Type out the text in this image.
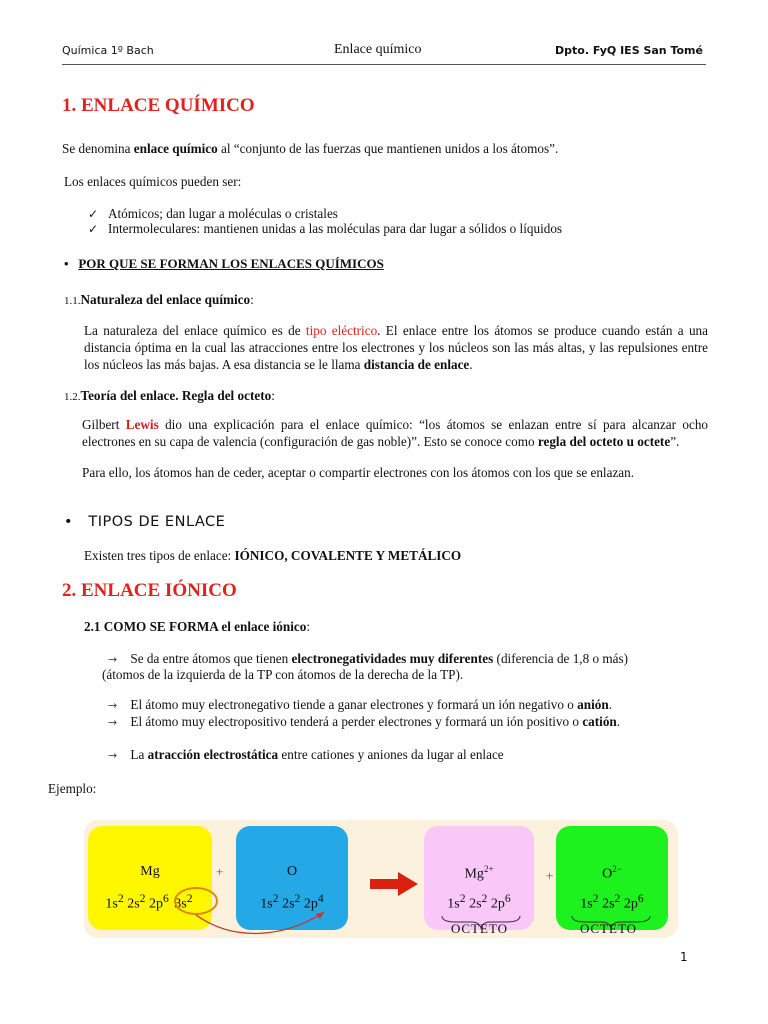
Química 1º Bach	Enlace químico	Dpto. FyQ IES San Tomé
1. ENLACE QUÍMICO
Se denomina enlace químico al “conjunto de las fuerzas que mantienen unidos a los átomos”.
Los enlaces químicos pueden ser:
✓ Atómicos; dan lugar a moléculas o cristales
✓ Intermoleculares: mantienen unidas a las moléculas para dar lugar a sólidos o líquidos
• POR QUE SE FORMAN LOS ENLACES QUÍMICOS
1.1.Naturaleza del enlace químico:
La naturaleza del enlace químico es de tipo eléctrico. El enlace entre los átomos se produce cuando están a una distancia óptima en la cual las atracciones entre los electrones y los núcleos son las más altas, y las repulsiones entre los núcleos las más bajas. A esa distancia se le llama distancia de enlace.
1.2.Teoría del enlace. Regla del octeto:
Gilbert Lewis dio una explicación para el enlace químico: “los átomos se enlazan entre sí para alcanzar ocho electrones en su capa de valencia (configuración de gas noble)”. Esto se conoce como regla del octeto u octete”.
Para ello, los átomos han de ceder, aceptar o compartir electrones con los átomos con los que se enlazan.
• TIPOS DE ENLACE
Existen tres tipos de enlace: IÓNICO, COVALENTE Y METÁLICO
2. ENLACE IÓNICO
2.1 COMO SE FORMA el enlace iónico:
→ Se da entre átomos que tienen electronegatividades muy diferentes (diferencia de 1,8 o más)
(átomos de la izquierda de la TP con átomos de la derecha de la TP).
→ El átomo muy electronegativo tiende a ganar electrones y formará un ión negativo o anión.
→ El átomo muy electropositivo tenderá a perder electrones y formará un ión positivo o catión.
→ La atracción electrostática entre cationes y aniones da lugar al enlace
Ejemplo:
Mg
$1s^2$ $2s^2$ $2p^6$ $3s^2$
+	O
$1s^2$ $2s^2$ $2p^4$
$Mg^{2+}$
$1s^2$ $2s^2$ $2p^6$
+	$O^{2-}$
$1s^2$ $2s^2$ $2p^6$
OCTETO	OCTETO
1
